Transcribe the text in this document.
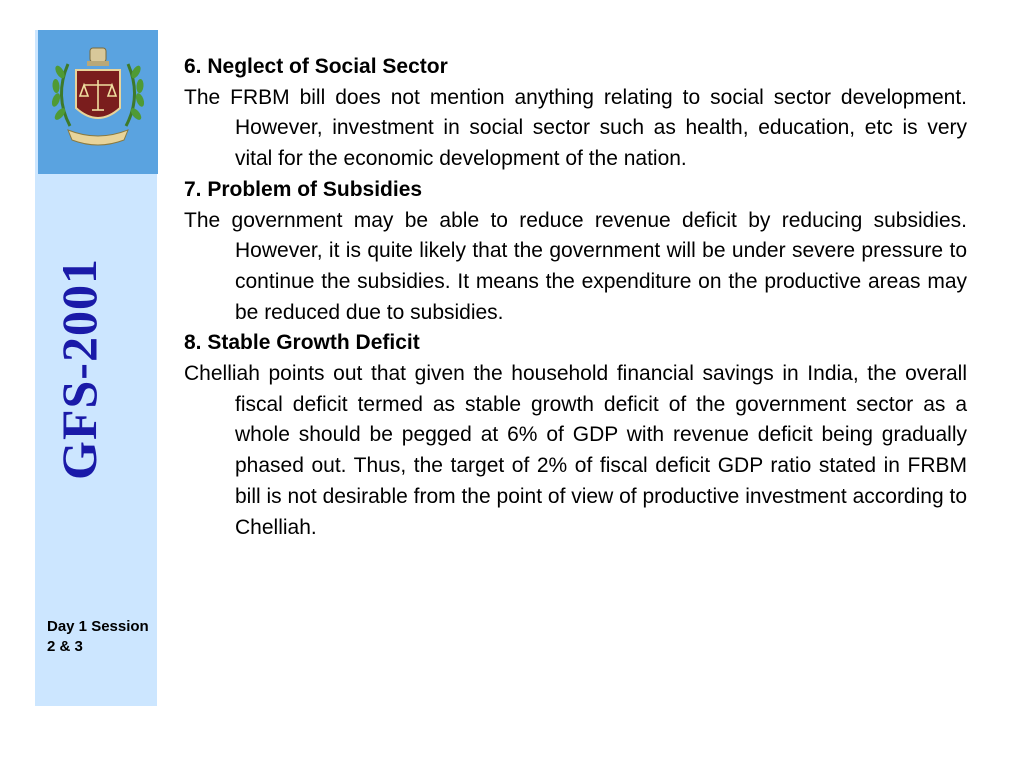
GFS-2001
Day 1 Session 2 & 3
6. Neglect of Social Sector

The FRBM bill does not mention anything relating to social sector development. However, investment in social sector such as health, education, etc is very vital for the economic development of the nation.

7. Problem of Subsidies

The government may be able to reduce revenue deficit by reducing subsidies. However, it is quite likely that the government will be under severe pressure to continue the subsidies. It means the expenditure on the productive areas may be reduced due to subsidies.

8. Stable Growth Deficit

Chelliah points out that given the household financial savings in India, the overall fiscal deficit termed as stable growth deficit of the government sector as a whole should be pegged at 6% of GDP with revenue deficit being gradually phased out. Thus, the target of 2% of fiscal deficit GDP ratio stated in FRBM bill is not desirable from the point of view of productive investment according to Chelliah.
